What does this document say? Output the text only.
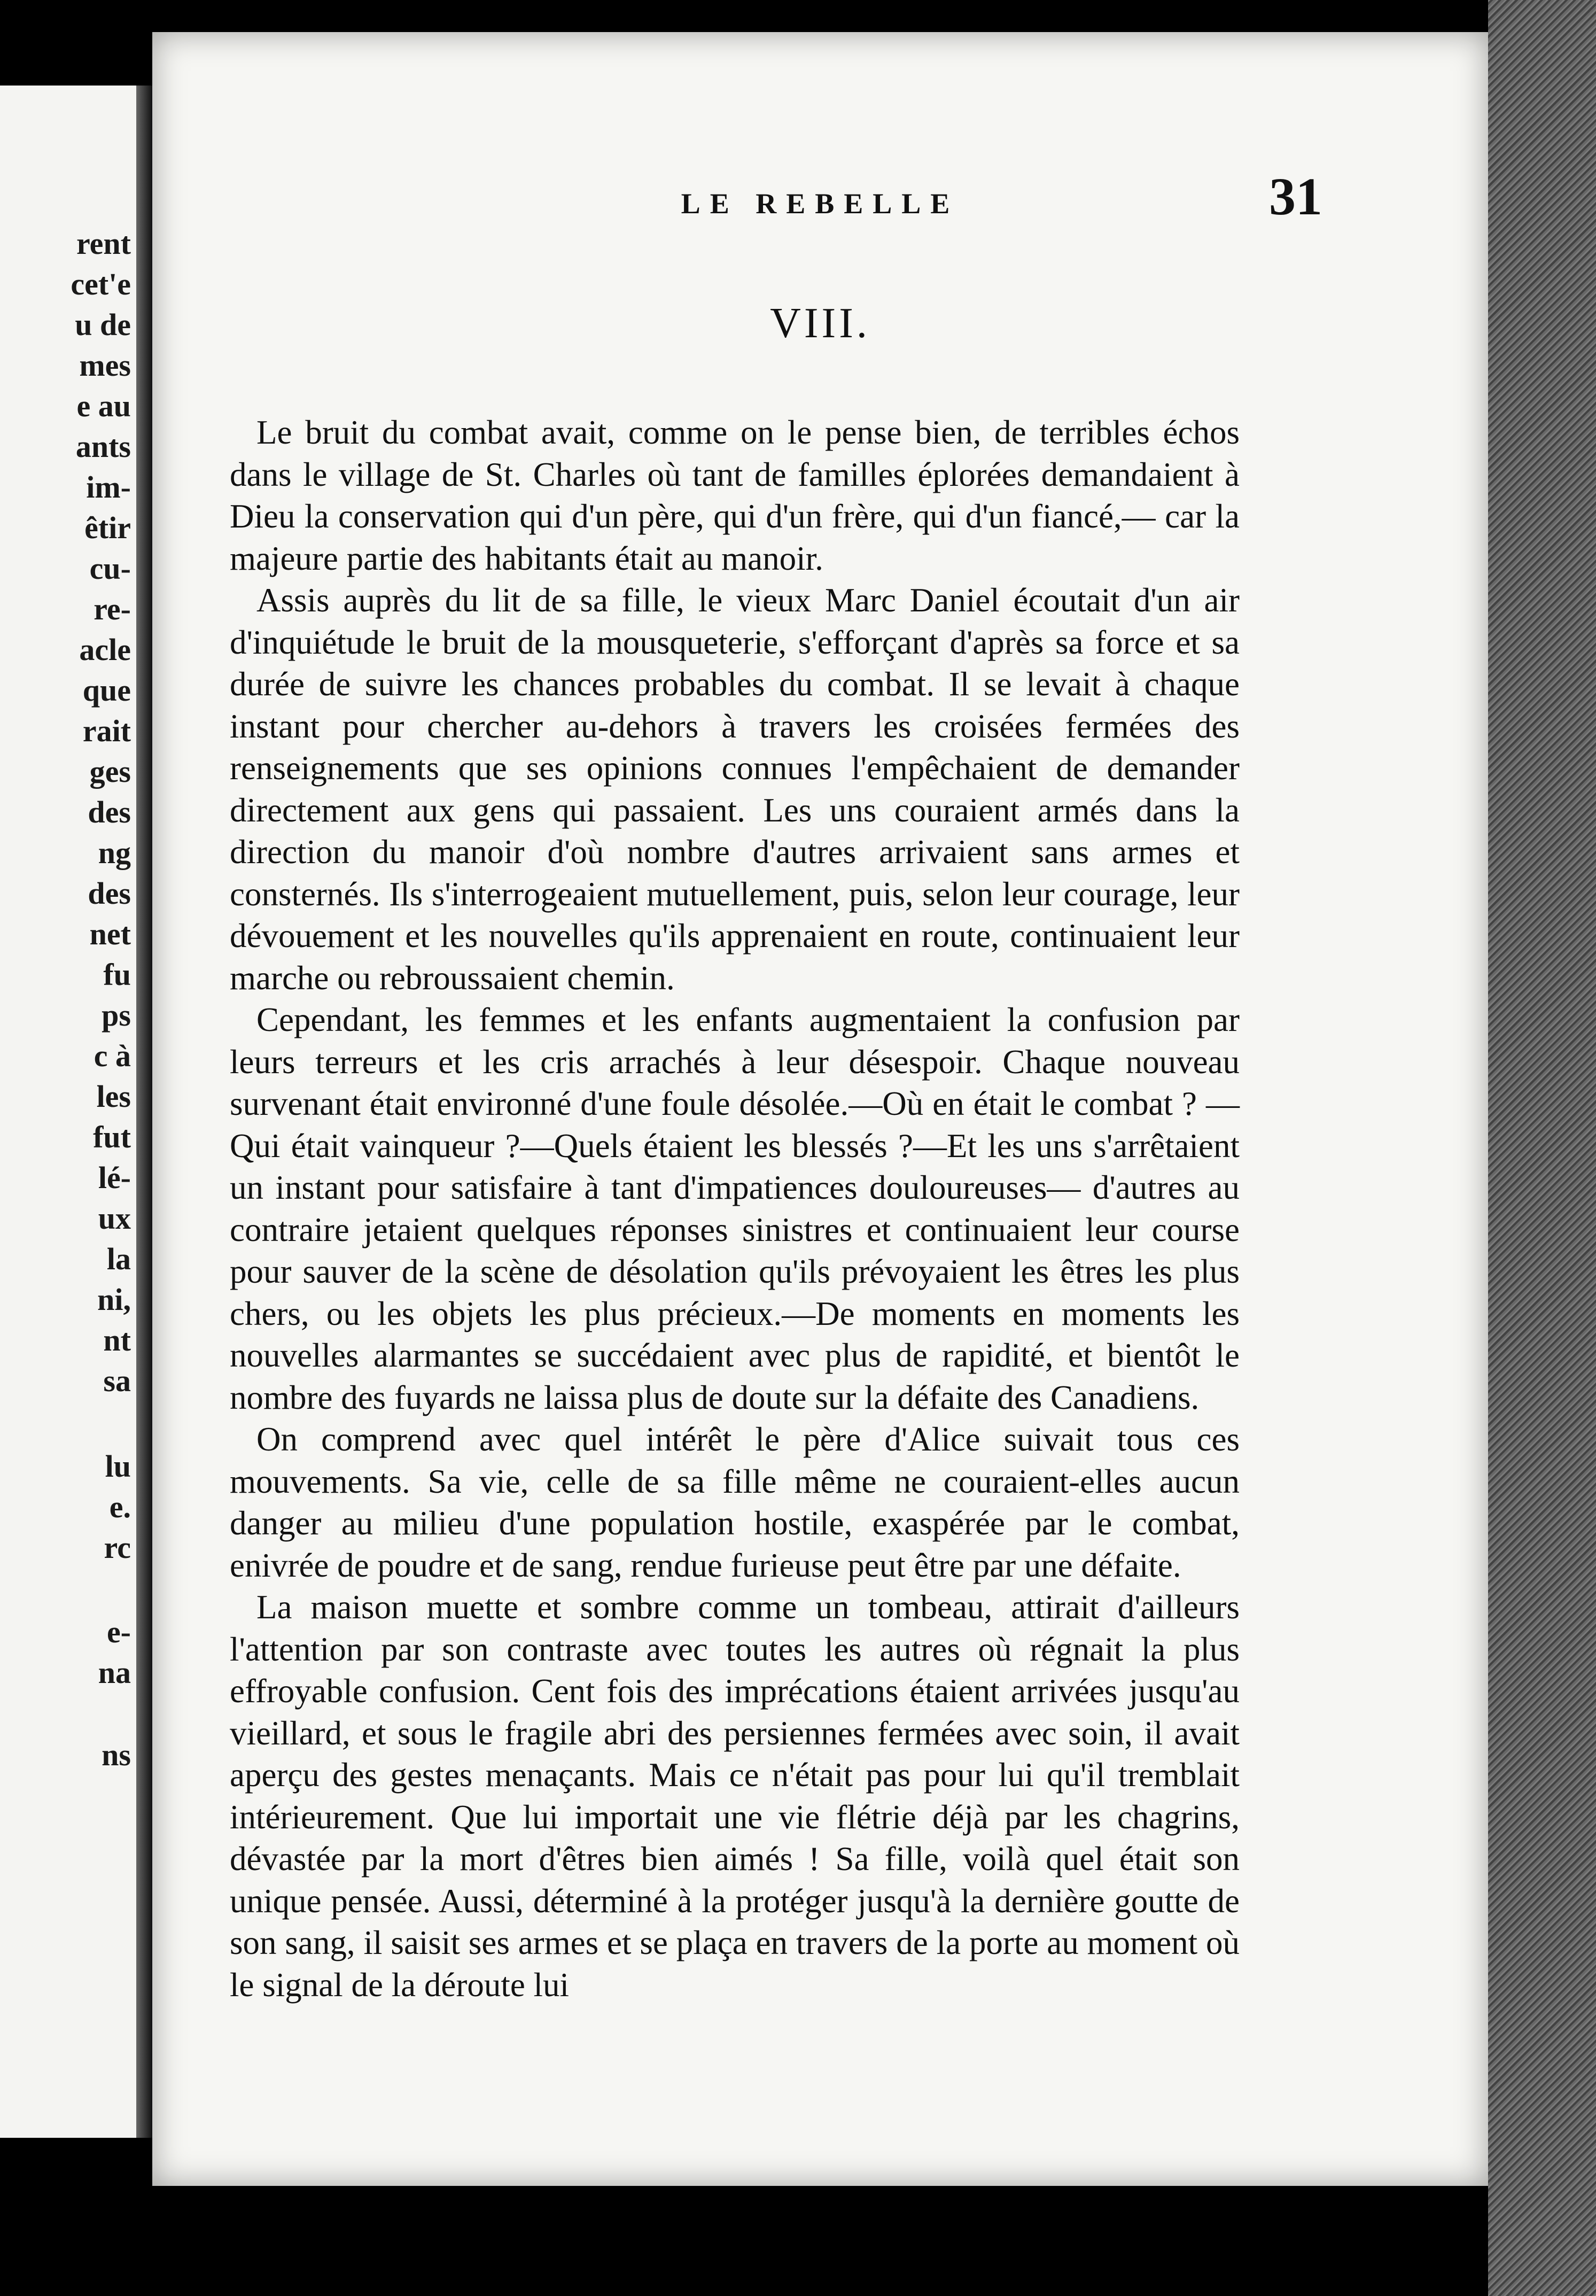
rent
cet'e
u de
mes
e au
ants
im-
êtir
cu-
re-
acle
que
rait
ges
des
ng
des
net
fu
ps
c à
les
fut
lé-
ux
la
ni,
nt
sa
lu
e.
rc
e-
na
ns
LE REBELLE	31
VIII.

Le bruit du combat avait, comme on le pense bien, de terribles échos dans le village de St. Charles où tant de familles éplorées demandaient à Dieu la conservation qui d'un père, qui d'un frère, qui d'un fiancé,— car la majeure partie des habitants était au manoir.

Assis auprès du lit de sa fille, le vieux Marc Daniel écoutait d'un air d'inquiétude le bruit de la mousqueterie, s'efforçant d'après sa force et sa durée de suivre les chances probables du combat. Il se levait à chaque instant pour chercher au-dehors à travers les croisées fermées des renseignements que ses opinions connues l'empêchaient de demander directement aux gens qui passaient. Les uns couraient armés dans la direction du manoir d'où nombre d'autres arrivaient sans armes et consternés. Ils s'interrogeaient mutuellement, puis, selon leur courage, leur dévouement et les nouvelles qu'ils apprenaient en route, continuaient leur marche ou rebroussaient chemin.

Cependant, les femmes et les enfants augmentaient la confusion par leurs terreurs et les cris arrachés à leur désespoir. Chaque nouveau survenant était environné d'une foule désolée.—Où en était le combat ? —Qui était vainqueur ?—Quels étaient les blessés ?—Et les uns s'arrêtaient un instant pour satisfaire à tant d'impatiences douloureuses— d'autres au contraire jetaient quelques réponses sinistres et continuaient leur course pour sauver de la scène de désolation qu'ils prévoyaient les êtres les plus chers, ou les objets les plus précieux.—De moments en moments les nouvelles alarmantes se succédaient avec plus de rapidité, et bientôt le nombre des fuyards ne laissa plus de doute sur la défaite des Canadiens.

On comprend avec quel intérêt le père d'Alice suivait tous ces mouvements. Sa vie, celle de sa fille même ne couraient-elles aucun danger au milieu d'une population hostile, exaspérée par le combat, enivrée de poudre et de sang, rendue furieuse peut être par une défaite.

La maison muette et sombre comme un tombeau, attirait d'ailleurs l'attention par son contraste avec toutes les autres où régnait la plus effroyable confusion. Cent fois des imprécations étaient arrivées jusqu'au vieillard, et sous le fragile abri des persiennes fermées avec soin, il avait aperçu des gestes menaçants. Mais ce n'était pas pour lui qu'il tremblait intérieurement. Que lui importait une vie flétrie déjà par les chagrins, dévastée par la mort d'êtres bien aimés ! Sa fille, voilà quel était son unique pensée. Aussi, déterminé à la protéger jusqu'à la dernière goutte de son sang, il saisit ses armes et se plaça en travers de la porte au moment où le signal de la déroute lui
